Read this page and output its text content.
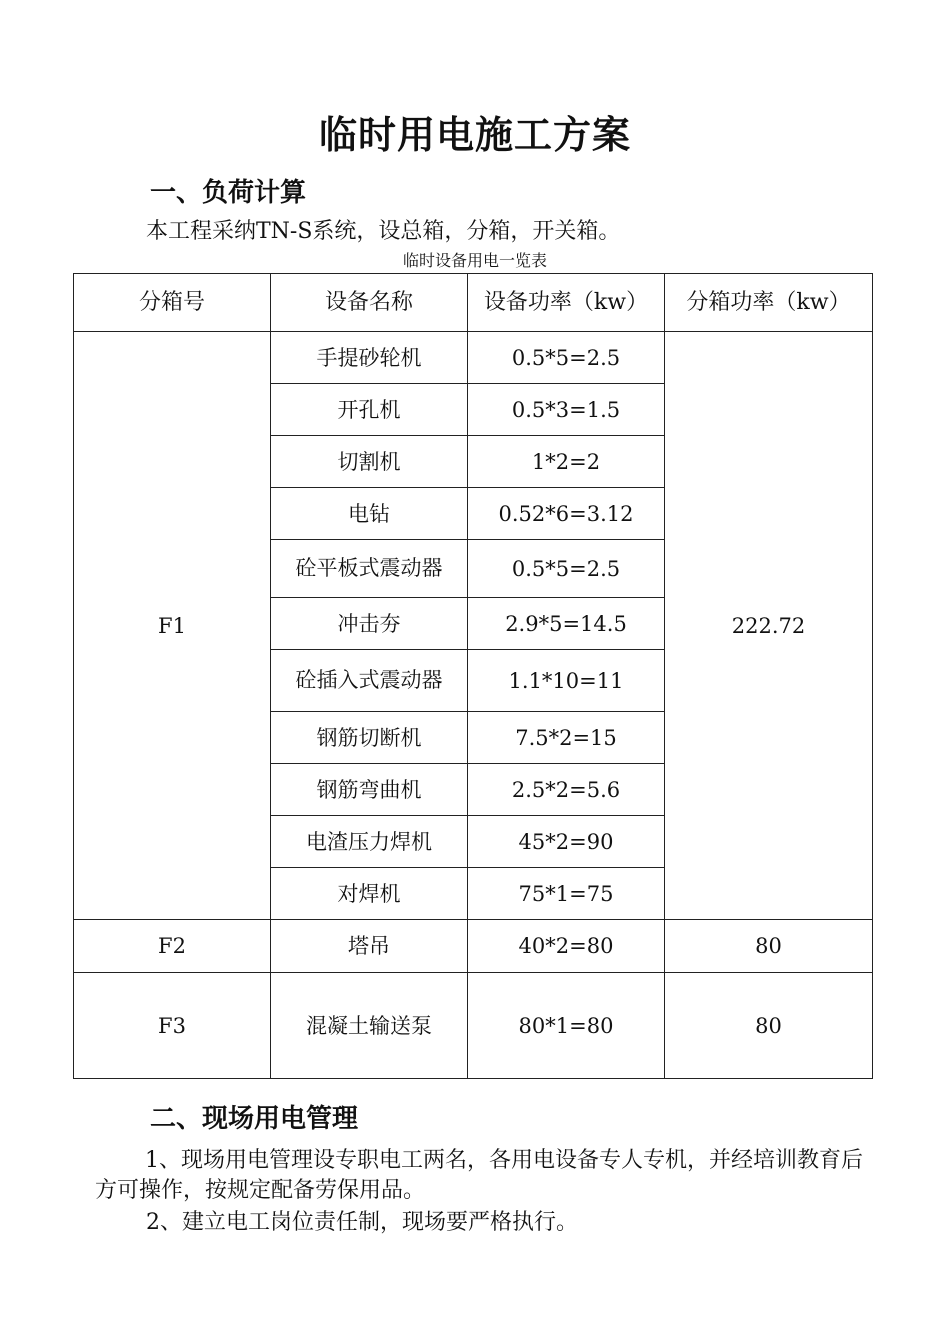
临时用电施工方案
一、负荷计算
本工程采纳TN-S系统，设总箱，分箱，开关箱。
临时设备用电一览表
分箱号	设备名称	设备功率（kw）	分箱功率（kw）
F1	手提砂轮机	0.5*5=2.5	222.72
	开孔机	0.5*3=1.5	
	切割机	1*2=2	
	电钻	0.52*6=3.12	
	砼平板式震动器	0.5*5=2.5	
	冲击夯	2.9*5=14.5	
	砼插入式震动器	1.1*10=11	
	钢筋切断机	7.5*2=15	
	钢筋弯曲机	2.5*2=5.6	
	电渣压力焊机	45*2=90	
	对焊机	75*1=75	
F2	塔吊	40*2=80	80
F3	混凝土输送泵	80*1=80	80
二、现场用电管理
1、现场用电管理设专职电工两名，各用电设备专人专机，并经培训教育后方可操作，按规定配备劳保用品。
2、建立电工岗位责任制，现场要严格执行。
